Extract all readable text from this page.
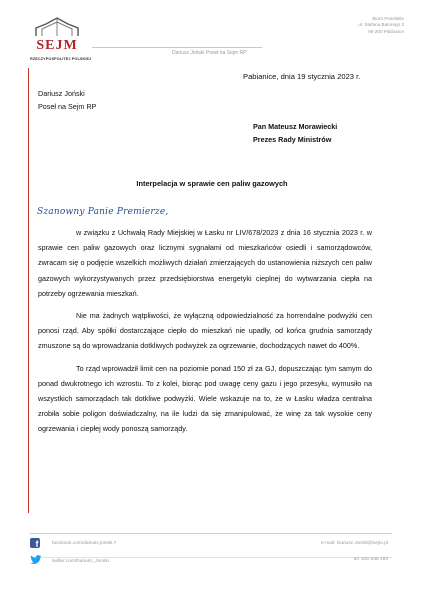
SEJM
RZECZYPOSPOLITEJ POLSKIEJ
Dariusz Joński Poseł na Sejm RP
Biuro Poselskie
ul. Stefana Batorego 2
95-200 Pabianice
Pabianice, dnia 19 stycznia 2023 r.
Dariusz Joński
Poseł na Sejm RP
Pan Mateusz Morawiecki
Prezes Rady Ministrów
Interpelacja w sprawie cen paliw gazowych
Szanowny Panie Premierze,

w związku z Uchwałą Rady Miejskiej w Łasku nr LIV/678/2023 z dnia 16 stycznia 2023 r. w sprawie cen paliw gazowych oraz licznymi sygnałami od mieszkańców osiedli i samorządowców, zwracam się o podjęcie wszelkich możliwych działań zmierzających do ustanowienia niższych cen paliw gazowych wykorzystywanych przez przedsiębiorstwa energetyki cieplnej do wytwarzania ciepła na potrzeby ogrzewania mieszkań.

Nie ma żadnych wątpliwości, że wyłączną odpowiedzialność za horrendalne podwyżki cen ponosi rząd. Aby spółki dostarczające ciepło do mieszkań nie upadły, od końca grudnia samorządy zmuszone są do wprowadzania dotkliwych podwyżek za ogrzewanie, dochodzących nawet do 400%.

To rząd wprowadził limit cen na poziomie ponad 150 zł za GJ, dopuszczając tym samym do ponad dwukrotnego ich wzrostu. To z kolei, biorąc pod uwagę ceny gazu i jego przesyłu, wymusiło na wszystkich samorządach tak dotkliwe podwyżki. Wiele wskazuje na to, że w Łasku władza centralna zrobiła sobie poligon doświadczalny, na ile ludzi da się zmanipulować, że winę za tak wysokie ceny ogrzewania i ciepłej wody ponoszą samorządy.

f	facebook.com/dariusz.jonski.7
twitter.com/Dariusz_Jonski
e-mail: Dariusz.Jonski@sejm.pl
tel. 531 536 183
